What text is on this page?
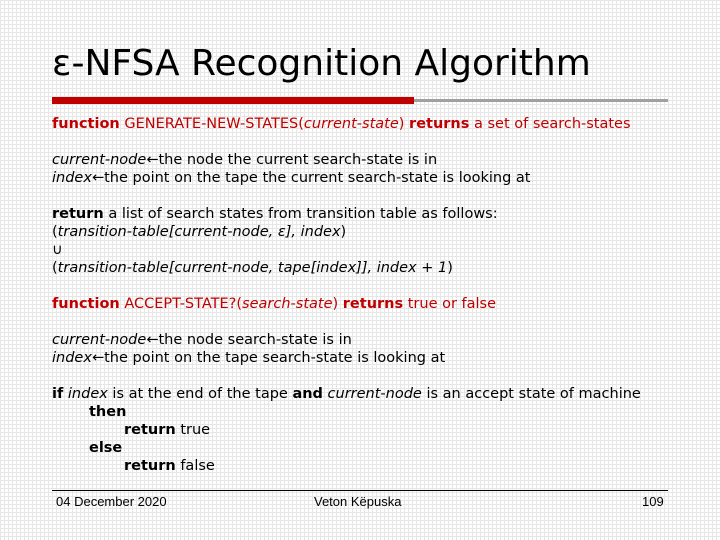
ε-NFSA Recognition Algorithm
function GENERATE-NEW-STATES(current-state) returns a set of search-states
current-node←the node the current search-state is in
index←the point on the tape the current search-state is looking at
return a list of search states from transition table as follows:
(transition-table[current-node, ε], index)
∪
(transition-table[current-node, tape[index]], index + 1)
function ACCEPT-STATE?(search-state) returns true or false
current-node←the node search-state is in
index←the point on the tape search-state is looking at
if index is at the end of the tape and current-node is an accept state of machine
then
return true
else
return false
04 December 2020	Veton Këpuska	109
